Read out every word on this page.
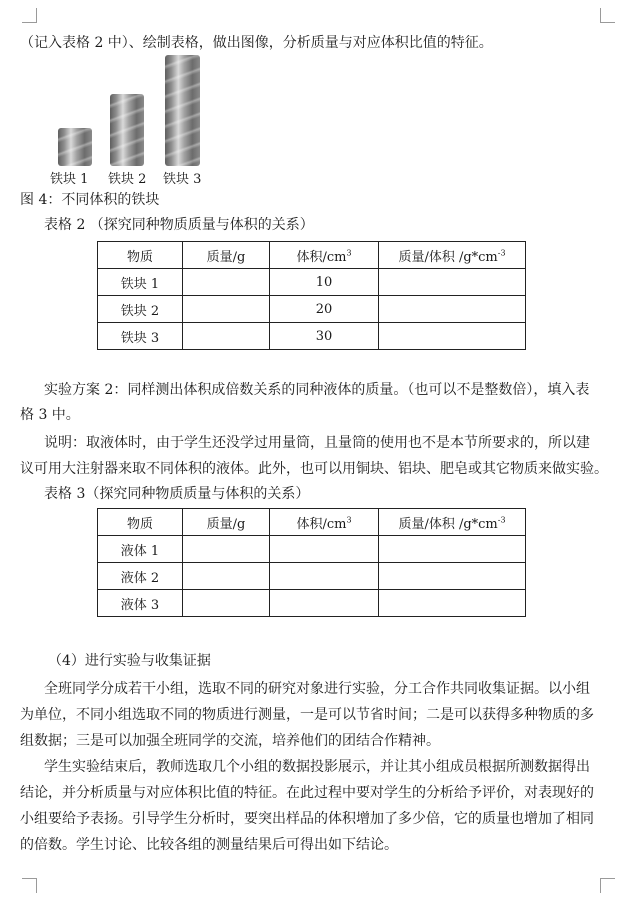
（记入表格 2 中）、绘制表格，做出图像，分析质量与对应体积比值的特征。
铁块 1 铁块 2 铁块 3
图 4：不同体积的铁块
表格 2 （探究同种物质质量与体积的关系）
物质	质量/g	体积$/cm^3$	质量/体积 $/g*cm^{-3}$
铁块 1		10	
铁块 2		20	
铁块 3		30	
实验方案 2：同样测出体积成倍数关系的同种液体的质量。（也可以不是整数倍），填入表
格 3 中。
说明：取液体时，由于学生还没学过用量筒，且量筒的使用也不是本节所要求的，所以建
议可用大注射器来取不同体积的液体。此外，也可以用铜块、铝块、肥皂或其它物质来做实验。
表格 3（探究同种物质质量与体积的关系）
物质	质量/g	体积$/cm^3$	质量/体积 $/g*cm^{-3}$
液体 1			
液体 2			
液体 3			
（4）进行实验与收集证据
全班同学分成若干小组，选取不同的研究对象进行实验，分工合作共同收集证据。以小组
为单位，不同小组选取不同的物质进行测量，一是可以节省时间；二是可以获得多种物质的多
组数据；三是可以加强全班同学的交流，培养他们的团结合作精神。
学生实验结束后，教师选取几个小组的数据投影展示，并让其小组成员根据所测数据得出
结论，并分析质量与对应体积比值的特征。在此过程中要对学生的分析给予评价，对表现好的
小组要给予表扬。引导学生分析时，要突出样品的体积增加了多少倍，它的质量也增加了相同
的倍数。学生讨论、比较各组的测量结果后可得出如下结论。
